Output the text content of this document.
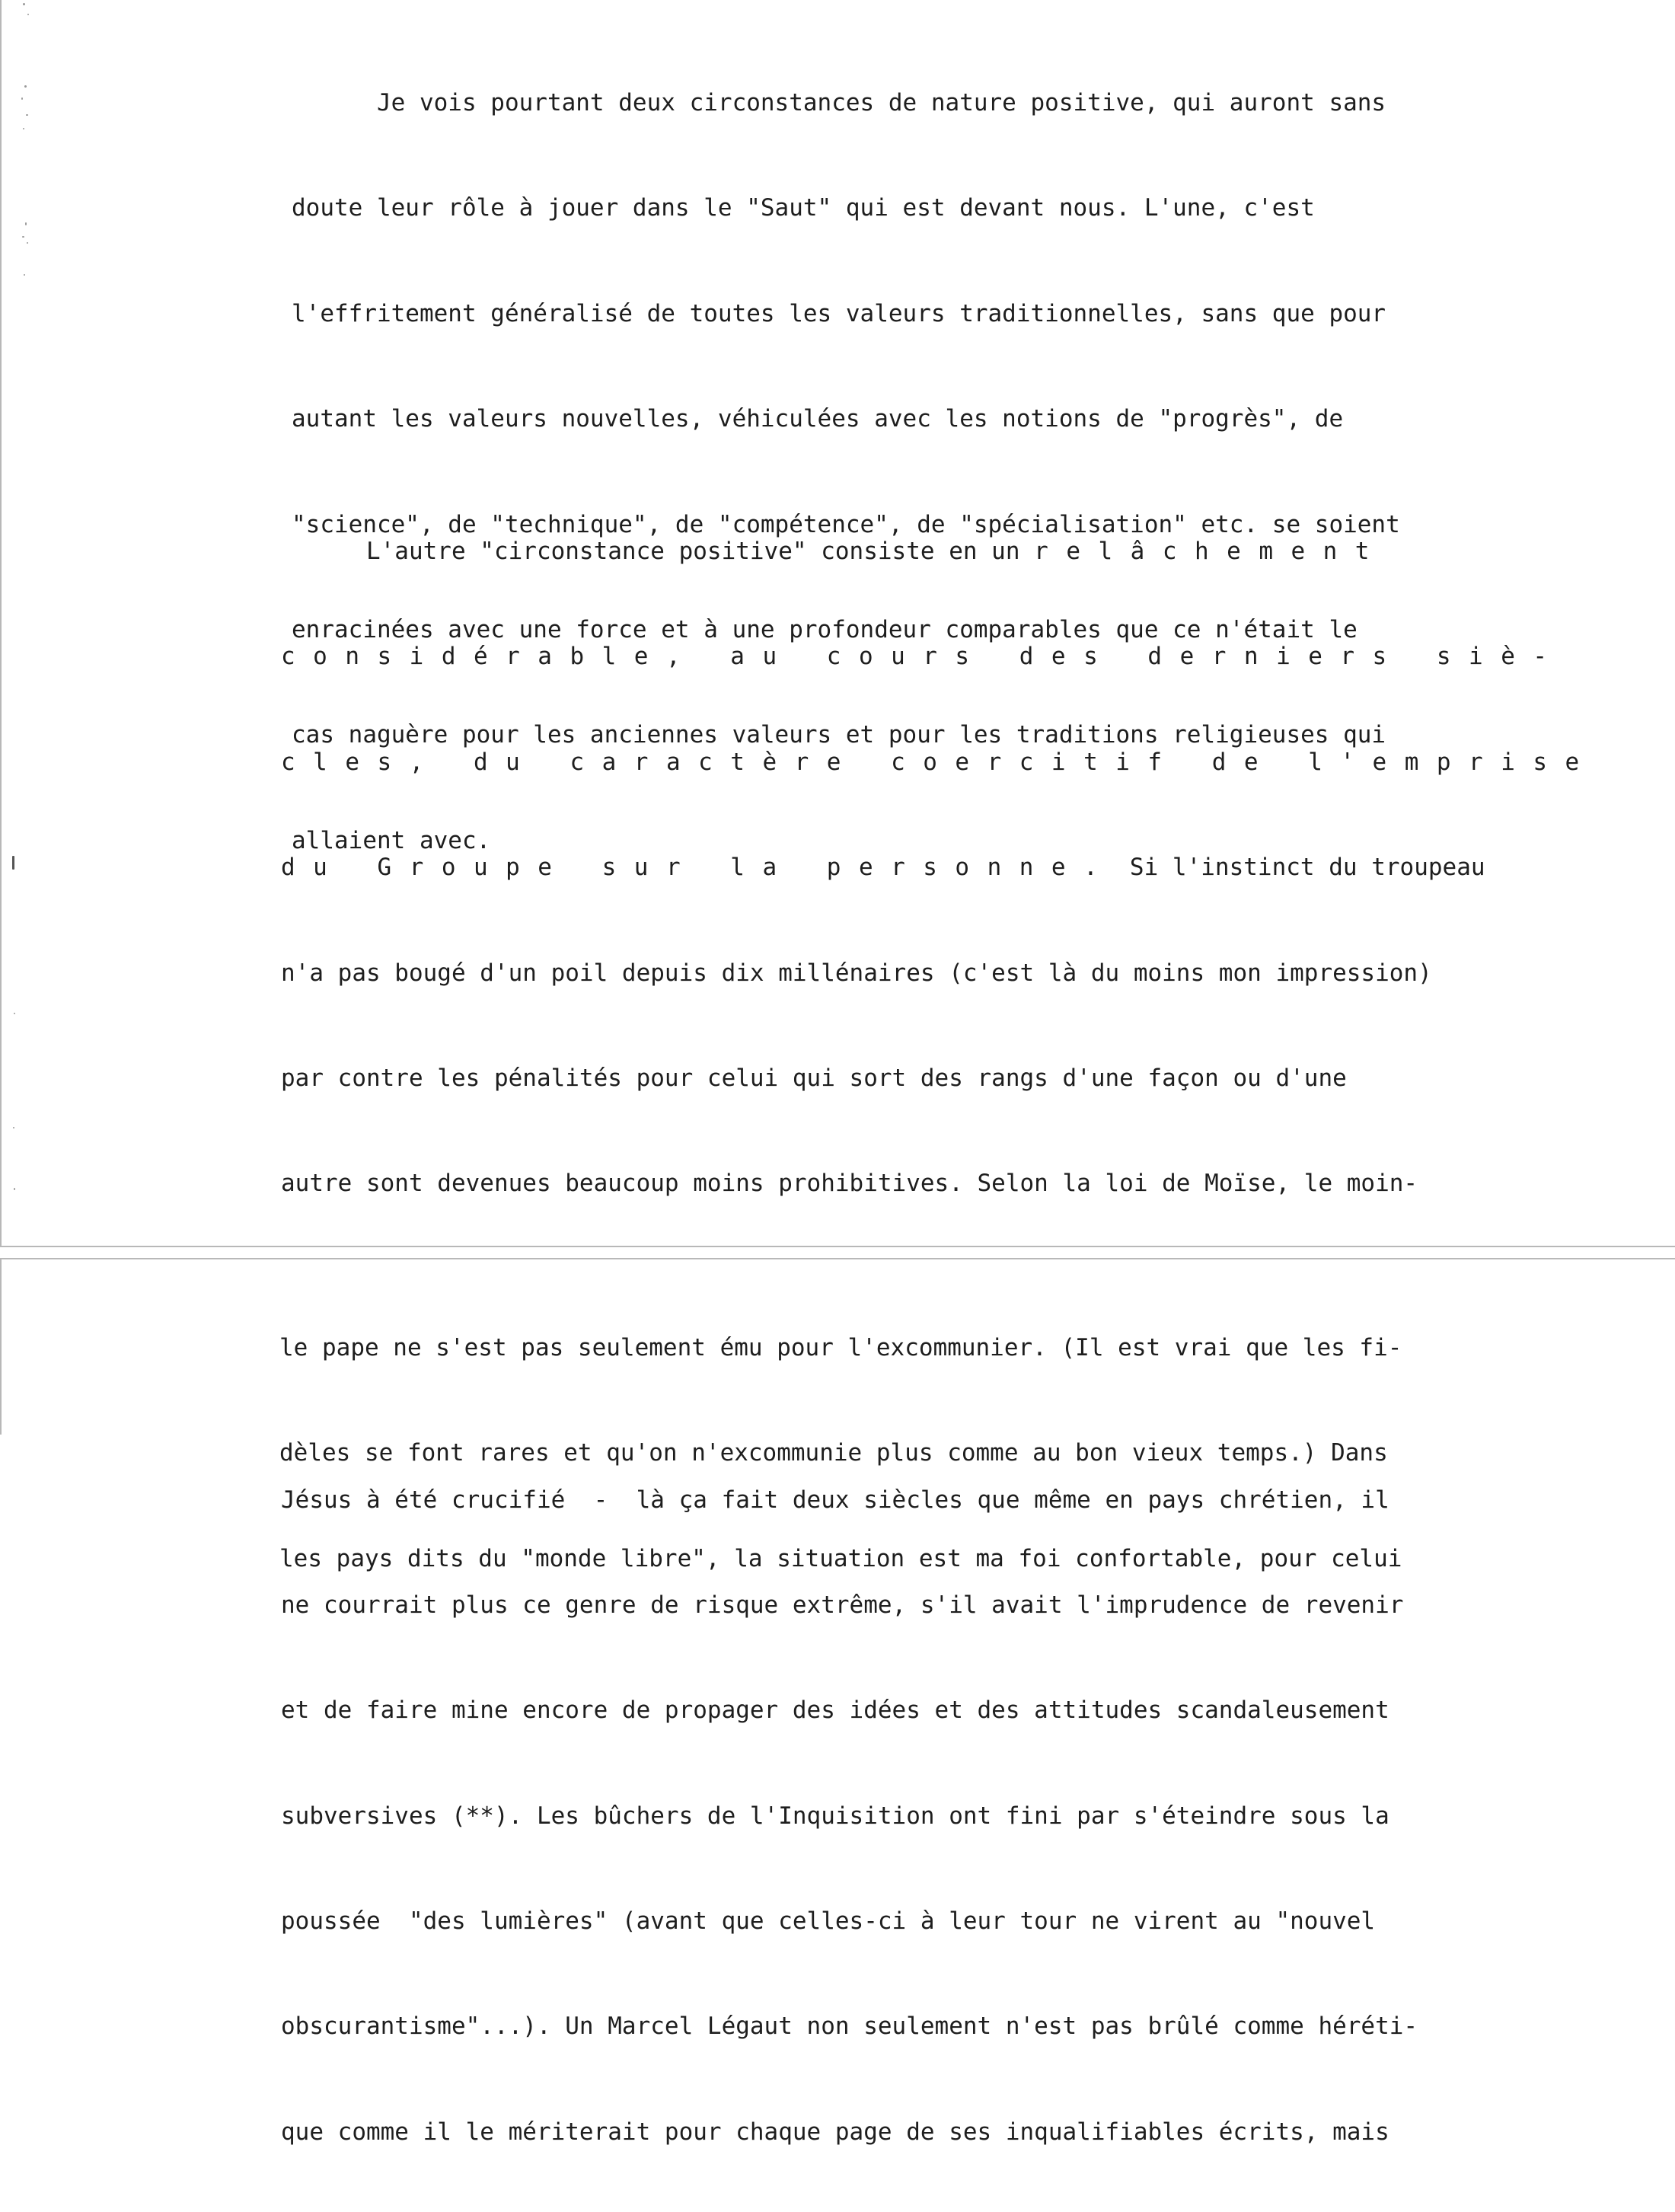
Je vois pourtant deux circonstances de nature positive, qui auront sans

doute leur rôle à jouer dans le "Saut" qui est devant nous. L'une, c'est

l'effritement généralisé de toutes les valeurs traditionnelles, sans que pour

autant les valeurs nouvelles, véhiculées avec les notions de "progrès", de

"science", de "technique", de "compétence", de "spécialisation" etc. se soient

enracinées avec une force et à une profondeur comparables que ce n'était le

cas naguère pour les anciennes valeurs et pour les traditions religieuses qui

allaient avec.

L'autre "circonstance positive" consiste en un relâchement

considérable, au cours des derniers siè-

cles, du caractère coercitif de l'emprise

du Groupe sur la personne. Si l'instinct du troupeau

n'a pas bougé d'un poil depuis dix millénaires (c'est là du moins mon impression)

par contre les pénalités pour celui qui sort des rangs d'une façon ou d'une

autre sont devenues beaucoup moins prohibitives. Selon la loi de Moïse, le moin-

Jésus à été crucifié  -  là ça fait deux siècles que même en pays chrétien, il

ne courrait plus ce genre de risque extrême, s'il avait l'imprudence de revenir

et de faire mine encore de propager des idées et des attitudes scandaleusement

subversives (**). Les bûchers de l'Inquisition ont fini par s'éteindre sous la

poussée  "des lumières" (avant que celles-ci à leur tour ne virent au "nouvel

obscurantisme"...). Un Marcel Légaut non seulement n'est pas brûlé comme héréti-

que comme il le mériterait pour chaque page de ses inqualifiables écrits, mais

le pape ne s'est pas seulement ému pour l'excommunier. (Il est vrai que les fi-

dèles se font rares et qu'on n'excommunie plus comme au bon vieux temps.) Dans

les pays dits du "monde libre", la situation est ma foi confortable, pour celui
